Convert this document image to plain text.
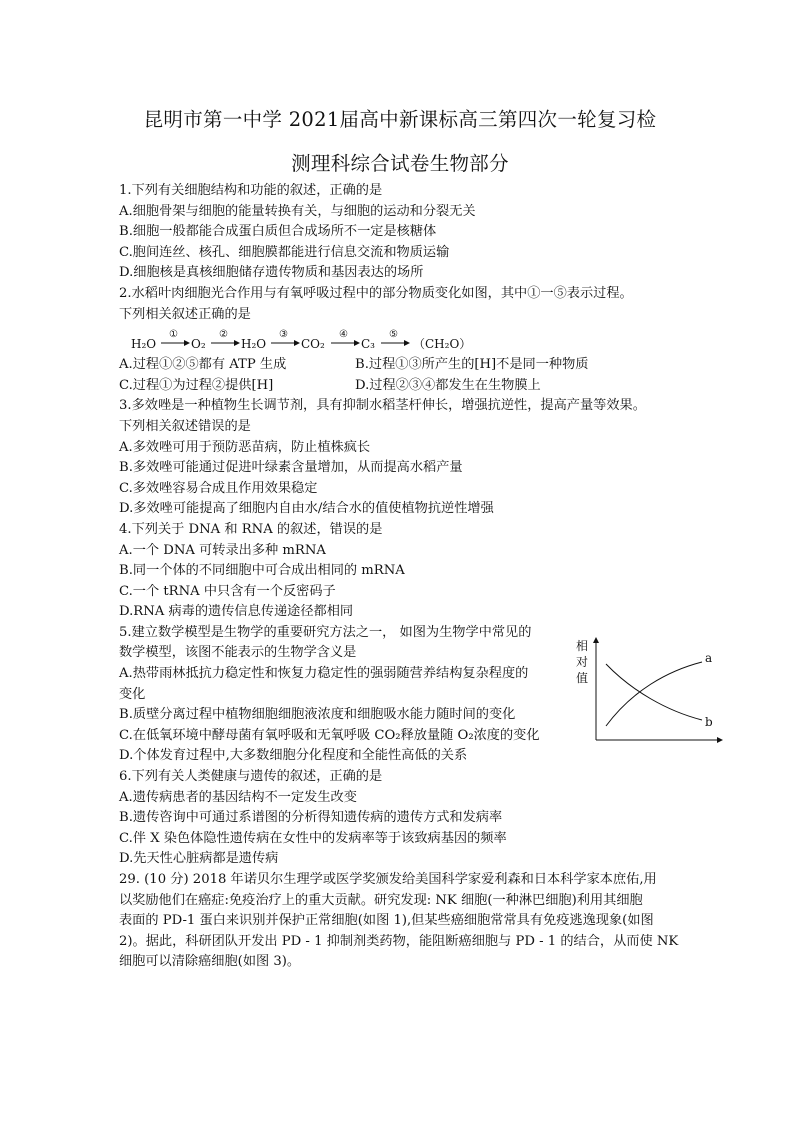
昆明市第一中学 2021届高中新课标高三第四次一轮复习检
测理科综合试卷生物部分
1.下列有关细胞结构和功能的叙述，正确的是
A.细胞骨架与细胞的能量转换有关，与细胞的运动和分裂无关
B.细胞一般都能合成蛋白质但合成场所不一定是核糖体
C.胞间连丝、核孔、细胞膜都能进行信息交流和物质运输
D.细胞核是真核细胞储存遗传物质和基因表达的场所
2.水稻叶肉细胞光合作用与有氧呼吸过程中的部分物质变化如图，其中①一⑤表示过程。
下列相关叙述正确的是
H₂O
①
O₂
②
H₂O
③
CO₂
④
C₃
⑤
（CH₂O）
A.过程①②⑤都有 ATP 生成	B.过程①③所产生的[H]不是同一种物质
C.过程①为过程②提供[H]	D.过程②③④都发生在生物膜上
3.多效唑是一种植物生长调节剂，具有抑制水稻茎杆伸长，增强抗逆性，提高产量等效果。
下列相关叙述错误的是
A.多效唑可用于预防恶苗病，防止植株疯长
B.多效唑可能通过促进叶绿素含量增加，从而提高水稻产量
C.多效唑容易合成且作用效果稳定
D.多效唑可能提高了细胞内自由水/结合水的值使植物抗逆性增强
4.下列关于 DNA 和 RNA 的叙述，错误的是
A.一个 DNA 可转录出多种 mRNA
B.同一个体的不同细胞中可合成出相同的 mRNA
C.一个 tRNA 中只含有一个反密码子
D.RNA 病毒的遗传信息传递途径都相同
5.建立数学模型是生物学的重要研究方法之一， 如图为生物学中常见的
数学模型，该图不能表示的生物学含义是
A.热带雨林抵抗力稳定性和恢复力稳定性的强弱随营养结构复杂程度的
变化
B.质壁分离过程中植物细胞细胞液浓度和细胞吸水能力随时间的变化
C.在低氧环境中酵母菌有氧呼吸和无氧呼吸 CO₂释放量随 O₂浓度的变化
D.个体发育过程中,大多数细胞分化程度和全能性高低的关系
6.下列有关人类健康与遗传的叙述，正确的是
A.遗传病患者的基因结构不一定发生改变
B.遗传咨询中可通过系谱图的分析得知遗传病的遗传方式和发病率
C.伴 X 染色体隐性遗传病在女性中的发病率等于该致病基因的频率
D.先天性心脏病都是遗传病
29. (10 分) 2018 年诺贝尔生理学或医学奖颁发给美国科学家爱利森和日本科学家本庶佑,用
以奖励他们在癌症:免疫治疗上的重大贡献。研究发现: NK 细胞(一种淋巴细胞)利用其细胞
表面的 PD-1 蛋白来识别并保护正常细胞(如图 1),但某些癌细胞常常具有免疫逃逸现象(如图
2)。据此，科研团队开发出 PD - 1 抑制剂类药物，能阻断癌细胞与 PD - 1 的结合，从而使 NK
细胞可以清除癌细胞(如图 3)。
相
对
值
a
b
